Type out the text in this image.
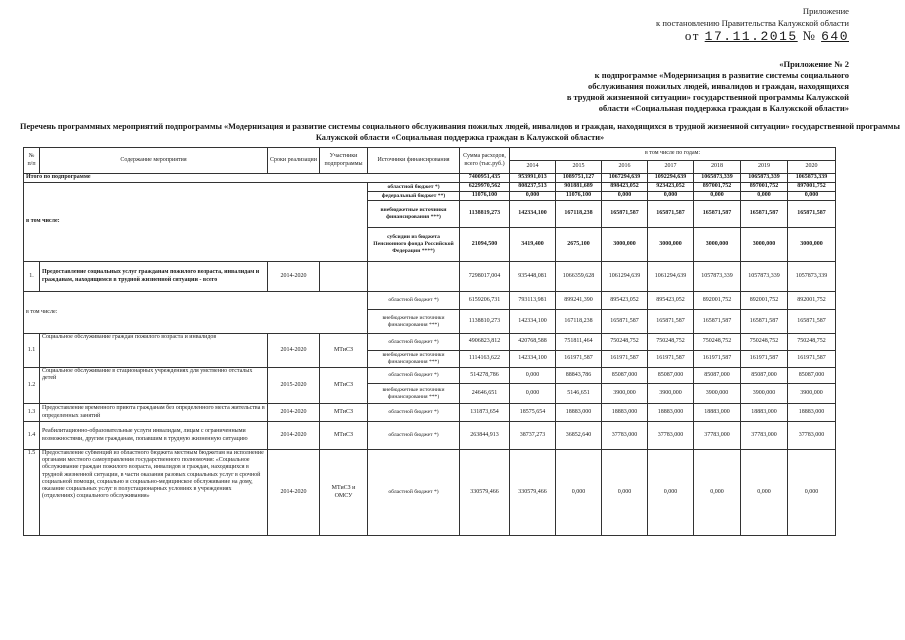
Приложение
к постановлению Правительства Калужской области
от 17.11.2015 № 640
«Приложение № 2
к подпрограмме «Модернизация в развитие системы социального
обслуживания пожилых людей, инвалидов и граждан, находящихся
в трудной жизненной ситуации» государственной программы Калужской
области «Социальная поддержка граждан в Калужской области»
Перечень программных мероприятий подпрограммы «Модернизация и развитие системы социального обслуживания пожилых людей, инвалидов и граждан, находящихся в трудной жизненной ситуации» государственной программы Калужской области «Социальная поддержка граждан в Калужской области»
№ п/п	Содержание мероприятия	Сроки реализации	Участники подпрограммы	Источники финансирования	Сумма расходов, всего (тыс.руб.)	в том числе по годам:						
						2014	2015	2016	2017	2018	2019	2020
Итого по подпрограмме					7400951,435	953991,013	1089751,127	1067294,639	1092294,639	1065873,339	1065873,339	1065873,339
в том числе:				областной бюджет *)	6229970,562	808237,513	901881,689	898423,052	923423,052	897001,752	897001,752	897001,752
				федеральный бюджет **)	11076,100	0,000	11076,100	0,000	0,000	0,000	0,000	0,000
				внебюджетные источники финансирования ***)	1138819,273	142334,100	167118,238	165871,587	165871,587	165871,587	165871,587	165871,587
				субсидии из бюджета Пенсионного фонда Российской Федерации ****)	21094,500	3419,400	2675,100	3000,000	3000,000	3000,000	3000,000	3000,000
1.	Предоставление социальных услуг гражданам пожилого возраста, инвалидам и гражданам, находящимся в трудной жизненной ситуации - всего	2014-2020			7298017,004	935448,081	1066359,628	1061294,639	1061294,639	1057873,339	1057873,339	1057873,339
в том числе:				областной бюджет *)	6159206,731	793113,981	899241,390	895423,052	895423,052	892001,752	892001,752	892001,752
				внебюджетные источники финансирования ***)	1138810,273	142334,100	167118,238	165871,587	165871,587	165871,587	165871,587	165871,587
1.1	Социальное обслуживание граждан пожилого возраста и инвалидов	2014-2020	МТиСЗ	областной бюджет *)	4906823,812	420768,588	751811,464	750248,752	750248,752	750248,752	750248,752	750248,752
				внебюджетные источники финансирования ***)	1114163,622	142334,100	161971,587	161971,587	161971,587	161971,587	161971,587	161971,587
1.2	Социальное обслуживание в стационарных учреждениях для умственно отсталых детей	2015-2020	МТиСЗ	областной бюджет *)	514278,786	0,000	88843,786	85087,000	85087,000	85087,000	85087,000	85087,000
				внебюджетные источники финансирования ***)	24646,651	0,000	5146,651	3900,000	3900,000	3900,000	3900,000	3900,000
1.3	Предоставление временного приюта гражданам без определенного места жительства в определенных занятий	2014-2020	МТиСЗ	областной бюджет *)	131873,654	18575,654	18883,000	18883,000	18883,000	18883,000	18883,000	18883,000
1.4	Реабилитационно-образовательные услуги инвалидам, лицам с ограниченными возможностями, другим гражданам, попавшим в трудную жизненную ситуацию	2014-2020	МТиСЗ	областной бюджет *)	263844,913	38737,273	36852,640	37783,000	37783,000	37783,000	37783,000	37783,000
1.5	Предоставление субвенций из областного бюджета местным бюджетам на исполнение органами местного самоуправления государственного полномочия: «Социальное обслуживание граждан пожилого возраста, инвалидов и граждан, находящихся в трудной жизненной ситуации, в части оказания разовых социальных услуг в срочной социальной помощи, социально и социально-медицинское обслуживание на дому, оказание социальных услуг в полустационарных условиях в учреждениях (отделениях) социального обслуживания»	2014-2020	МТиСЗ и ОМСУ	областной бюджет *)	330579,466	330579,466	0,000	0,000	0,000	0,000	0,000	0,000
